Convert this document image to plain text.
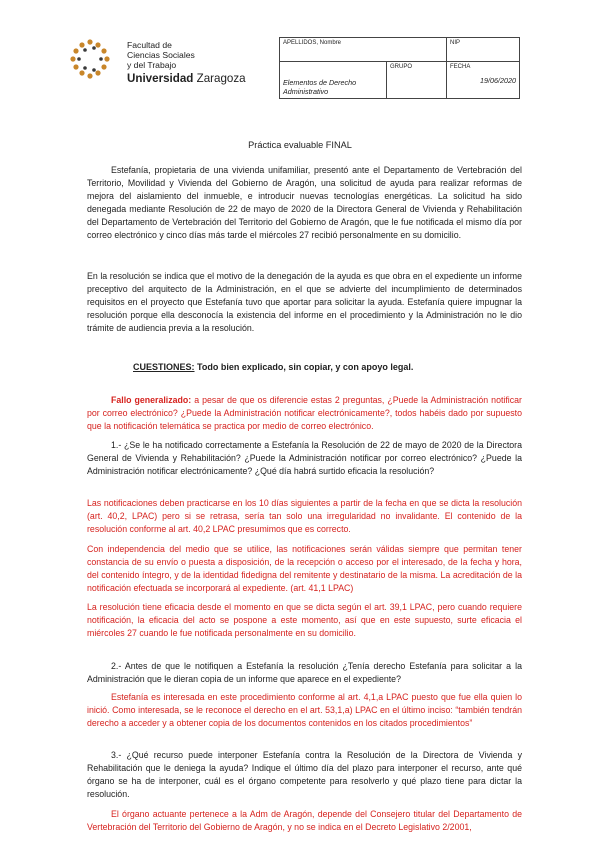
Facultad de
Ciencias Sociales
y del Trabajo
Universidad Zaragoza
APELLIDOS, Nombre		NIP
Elementos de Derecho Administrativo	GRUPO	FECHA
19/06/2020
Práctica evaluable FINAL
Estefanía, propietaria de una vivienda unifamiliar, presentó ante el Departamento de Vertebración del Territorio, Movilidad y Vivienda del Gobierno de Aragón, una solicitud de ayuda para realizar reformas de mejora del aislamiento del inmueble, e introducir nuevas tecnologías energéticas. La solicitud ha sido denegada mediante Resolución de 22 de mayo de 2020 de la Directora General de Vivienda y Rehabilitación del Departamento de Vertebración del Territorio del Gobierno de Aragón, que le fue notificada el mismo día por correo electrónico y cinco días más tarde el miércoles 27 recibió personalmente en su domicilio.
En la resolución se indica que el motivo de la denegación de la ayuda es que obra en el expediente un informe preceptivo del arquitecto de la Administración, en el que se advierte del incumplimiento de determinados requisitos en el proyecto que Estefanía tuvo que aportar para solicitar la ayuda. Estefanía quiere impugnar la resolución porque ella desconocía la existencia del informe en el procedimiento y la Administración no le dio trámite de audiencia previa a la resolución.
CUESTIONES: Todo bien explicado, sin copiar, y con apoyo legal.
Fallo generalizado: a pesar de que os diferencie estas 2 preguntas, ¿Puede la Administración notificar por correo electrónico? ¿Puede la Administración notificar electrónicamente?, todos habéis dado por supuesto que la notificación telemática se practica por medio de correo electrónico.
1.- ¿Se le ha notificado correctamente a Estefanía la Resolución de 22 de mayo de 2020 de la Directora General de Vivienda y Rehabilitación? ¿Puede la Administración notificar por correo electrónico? ¿Puede la Administración notificar electrónicamente? ¿Qué día habrá surtido eficacia la resolución?
Las notificaciones deben practicarse en los 10 días siguientes a partir de la fecha en que se dicta la resolución (art. 40,2, LPAC) pero si se retrasa, sería tan solo una irregularidad no invalidante. El contenido de la resolución conforme al art. 40,2 LPAC presumimos que es correcto.
Con independencia del medio que se utilice, las notificaciones serán válidas siempre que permitan tener constancia de su envío o puesta a disposición, de la recepción o acceso por el interesado, de la fecha y hora, del contenido íntegro, y de la identidad fidedigna del remitente y destinatario de la misma. La acreditación de la notificación efectuada se incorporará al expediente. (art. 41,1 LPAC)
La resolución tiene eficacia desde el momento en que se dicta según el art. 39,1 LPAC, pero cuando requiere notificación, la eficacia del acto se pospone a este momento, así que en este supuesto, surte eficacia el miércoles 27 cuando le fue notificada personalmente en su domicilio.
2.- Antes de que le notifiquen a Estefanía la resolución ¿Tenía derecho Estefanía para solicitar a la Administración que le dieran copia de un informe que aparece en el expediente?
Estefanía es interesada en este procedimiento conforme al art. 4,1,a LPAC puesto que fue ella quien lo inició. Como interesada, se le reconoce el derecho en el art. 53,1,a) LPAC en el último inciso: “también tendrán derecho a acceder y a obtener copia de los documentos contenidos en los citados procedimientos”
3.- ¿Qué recurso puede interponer Estefanía contra la Resolución de la Directora de Vivienda y Rehabilitación que le deniega la ayuda? Indique el último día del plazo para interponer el recurso, ante qué órgano se ha de interponer, cuál es el órgano competente para resolverlo y qué plazo tiene para dictar la resolución.
El órgano actuante pertenece a la Adm de Aragón, depende del Consejero titular del Departamento de Vertebración del Territorio del Gobierno de Aragón, y no se indica en el Decreto Legislativo 2/2001,
